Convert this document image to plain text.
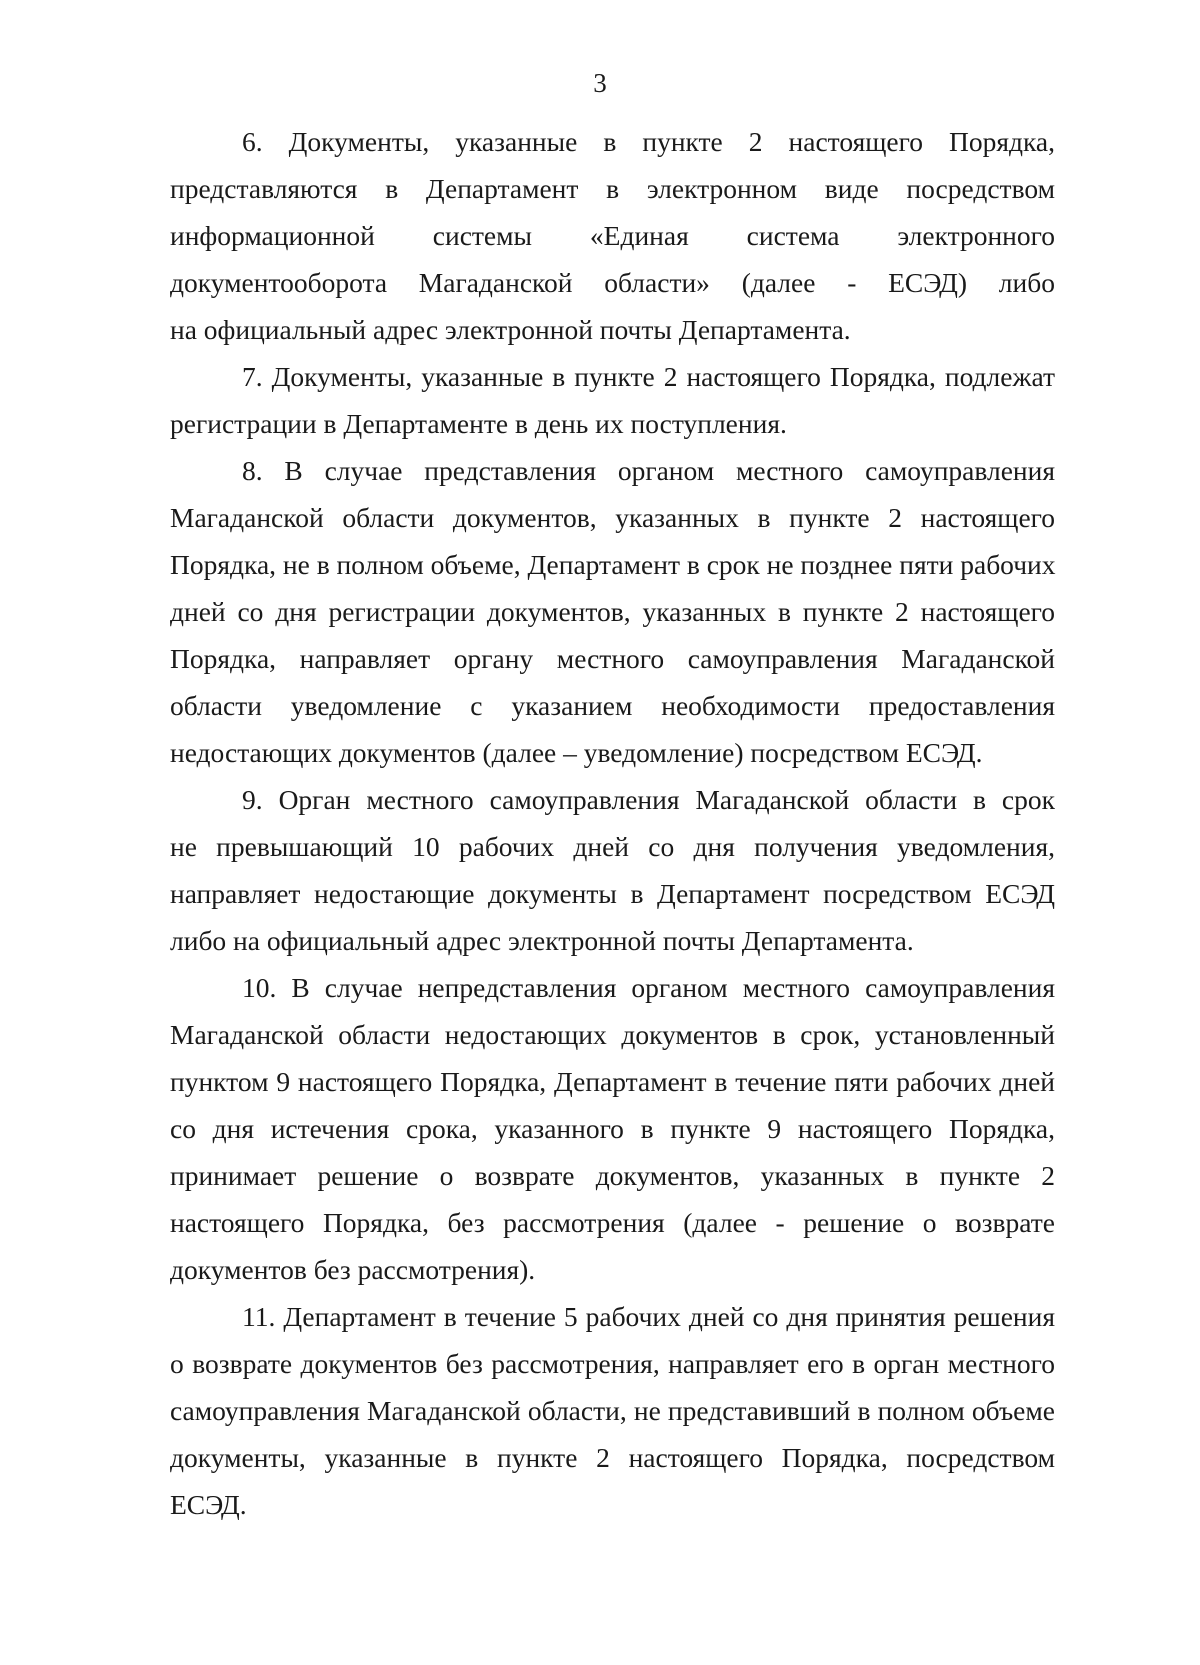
3
6. Документы, указанные в пункте 2 настоящего Порядка,
представляются в Департамент в электронном виде посредством
информационной системы «Единая система электронного
документооборота Магаданской области» (далее - ЕСЭД) либо
на официальный адрес электронной почты Департамента.
7. Документы, указанные в пункте 2 настоящего Порядка, подлежат
регистрации в Департаменте в день их поступления.
8. В случае представления органом местного самоуправления
Магаданской области документов, указанных в пункте 2 настоящего
Порядка, не в полном объеме, Департамент в срок не позднее пяти рабочих
дней со дня регистрации документов, указанных в пункте 2 настоящего
Порядка, направляет органу местного самоуправления Магаданской
области уведомление с указанием необходимости предоставления
недостающих документов (далее – уведомление) посредством ЕСЭД.
9. Орган местного самоуправления Магаданской области в срок
не превышающий 10 рабочих дней со дня получения уведомления,
направляет недостающие документы в Департамент посредством ЕСЭД
либо на официальный адрес электронной почты Департамента.
10. В случае непредставления органом местного самоуправления
Магаданской области недостающих документов в срок, установленный
пунктом 9 настоящего Порядка, Департамент в течение пяти рабочих дней
со дня истечения срока, указанного в пункте 9 настоящего Порядка,
принимает решение о возврате документов, указанных в пункте 2
настоящего Порядка, без рассмотрения (далее - решение о возврате
документов без рассмотрения).
11. Департамент в течение 5 рабочих дней со дня принятия решения
о возврате документов без рассмотрения, направляет его в орган местного
самоуправления Магаданской области, не представивший в полном объеме
документы, указанные в пункте 2 настоящего Порядка, посредством
ЕСЭД.
